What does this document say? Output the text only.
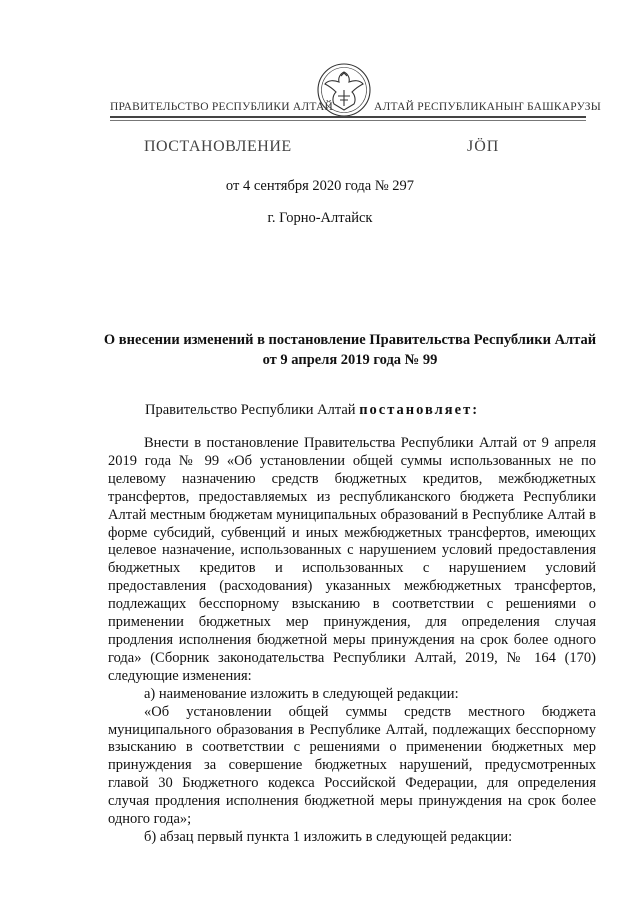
ПРАВИТЕЛЬСТВО РЕСПУБЛИКИ АЛТАЙ	АЛТАЙ РЕСПУБЛИКАНЫҤ БАШКАРУЗЫ
ПОСТАНОВЛЕНИЕ	ЈÖП
от 4 сентября 2020 года № 297
г. Горно-Алтайск
О внесении изменений в постановление Правительства Республики Алтай от 9 апреля 2019 года № 99
Правительство Республики Алтай постановляет:

Внести в постановление Правительства Республики Алтай от 9 апреля 2019 года № 99 «Об установлении общей суммы использованных не по целевому назначению средств бюджетных кредитов, межбюджетных трансфертов, предоставляемых из республиканского бюджета Республики Алтай местным бюджетам муниципальных образований в Республике Алтай в форме субсидий, субвенций и иных межбюджетных трансфертов, имеющих целевое назначение, использованных с нарушением условий предоставления бюджетных кредитов и использованных с нарушением условий предоставления (расходования) указанных межбюджетных трансфертов, подлежащих бесспорному взысканию в соответствии с решениями о применении бюджетных мер принуждения, для определения случая продления исполнения бюджетной меры принуждения на срок более одного года» (Сборник законодательства Республики Алтай, 2019, № 164 (170) следующие изменения:

а) наименование изложить в следующей редакции:

«Об установлении общей суммы средств местного бюджета муниципального образования в Республике Алтай, подлежащих бесспорному взысканию в соответствии с решениями о применении бюджетных мер принуждения за совершение бюджетных нарушений, предусмотренных главой 30 Бюджетного кодекса Российской Федерации, для определения случая продления исполнения бюджетной меры принуждения на срок более одного года»;

б) абзац первый пункта 1 изложить в следующей редакции:
